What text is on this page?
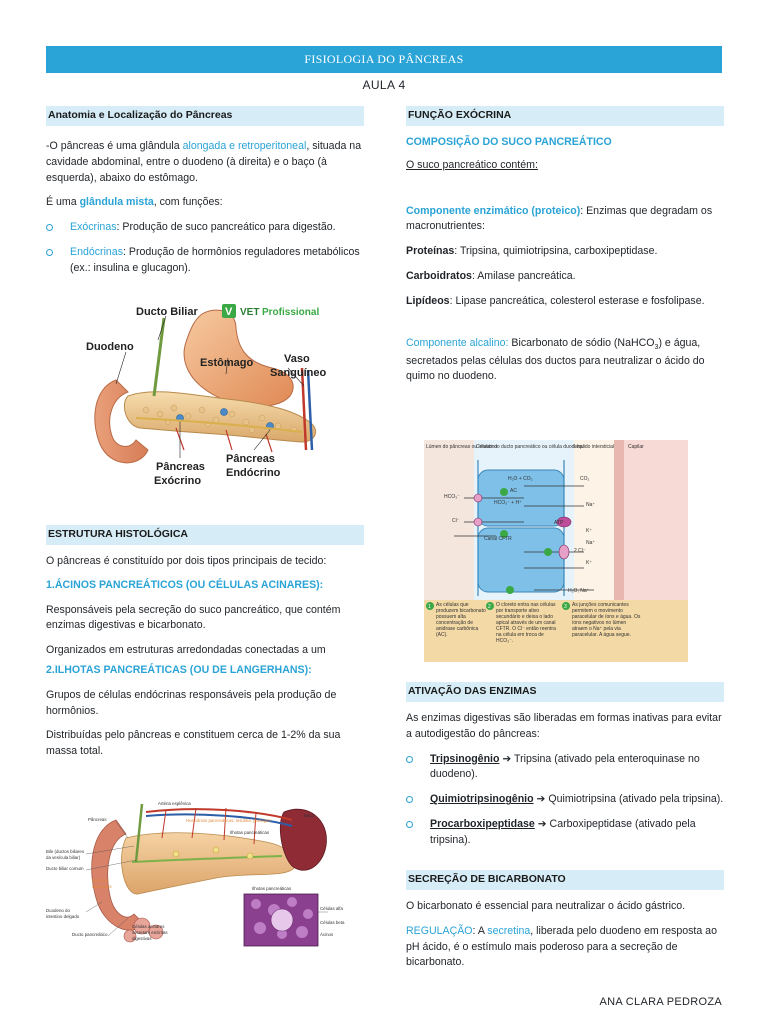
FISIOLOGIA DO PÂNCREAS
AULA 4
Anatomia e Localização do Pâncreas

-O pâncreas é uma glândula alongada e retroperitoneal, situada na cavidade abdominal, entre o duodeno (à direita) e o baço (à esquerda), abaixo do estômago.

É uma glândula mista, com funções:

Exócrinas: Produção de suco pancreático para digestão.
Endócrinas: Produção de hormônios reguladores metabólicos (ex.: insulina e glucagon).
Ducto Biliar
Duodeno
Estômago	Vaso
Sanguíneo
Pâncreas
Exócrino
Pâncreas
Endócrino
V VET Profissional
ESTRUTURA HISTOLÓGICA

O pâncreas é constituído por dois tipos principais de tecido:

1.ÁCINOS PANCREÁTICOS (OU CÉLULAS ACINARES):

Responsáveis pela secreção do suco pancreático, que contém enzimas digestivas e bicarbonato.

Organizados em estruturas arredondadas conectadas a um

2.ILHOTAS PANCREÁTICAS (OU DE LANGERHANS):

Grupos de células endócrinas responsáveis pela produção de hormônios.

Distribuídas pelo pâncreas e constituem cerca de 1-2% da sua massa total.

Artéria esplênica
Baço
Pâncreas	Hormônios pancreáticos: insulina, glucagon
Ilhotas pancreáticas
Bile (ductos biliares
da vesícula biliar)
Ducto biliar comum
Enzimas
digestivas	Ilhotas pancreáticas
Duodeno do
intestino delgado
Ducto pancreático
Células acinares
secretam enzimas
digestivas
Células alfa
Células beta
Ácinos
FUNÇÃO EXÓCRINA

COMPOSIÇÃO DO SUCO PANCREÁTICO

O suco pancreático contém:

Componente enzimático (proteico): Enzimas que degradam os macronutrientes:

Proteínas: Tripsina, quimiotripsina, carboxipeptidase.

Carboidratos: Amilase pancreática.

Lipídeos: Lipase pancreática, colesterol esterase e fosfolipase.

Componente alcalino: Bicarbonato de sódio (NaHCO$_3$) e água, secretados pelas células dos ductos para neutralizar o ácido do quimo no duodeno.

Lúmen do pâncreas ou intestino
Células do ducto pancreático ou célula duodenal
Líquido intersticial	Capilar
H₂O + CO₂
AC
HCO₃⁻ + H⁺
CO₂
HCO₃⁻
Cl⁻
Na⁺
K⁺
ATP
Canal CFTR
2 Cl⁻
Na⁺
K⁺
H₂O, Na⁺
1	2	3
As células que produzem bicarbonato possuem alta concentração de anidrase carbônica (AC).
O cloreto entra nas células por transporte ativo secundário e deixa o lado apical através de um canal CFTR. O Cl⁻ então reentra na célula em troca de HCO₃⁻.
As junções comunicantes permitem o movimento paracelular de íons e água. Os íons negativos no lúmen atraem o Na⁺ pela via paracelular. A água segue.
ATIVAÇÃO DAS ENZIMAS

As enzimas digestivas são liberadas em formas inativas para evitar a autodigestão do pâncreas:

Tripsinogênio ➔ Tripsina (ativado pela enteroquinase no duodeno).
Quimiotripsinogênio ➔ Quimiotripsina (ativado pela tripsina).
Procarboxipeptidase ➔ Carboxipeptidase (ativado pela tripsina).
SECREÇÃO DE BICARBONATO

O bicarbonato é essencial para neutralizar o ácido gástrico.

REGULAÇÃO: A secretina, liberada pelo duodeno em resposta ao pH ácido, é o estímulo mais poderoso para a secreção de bicarbonato.

ANA CLARA PEDROZA
